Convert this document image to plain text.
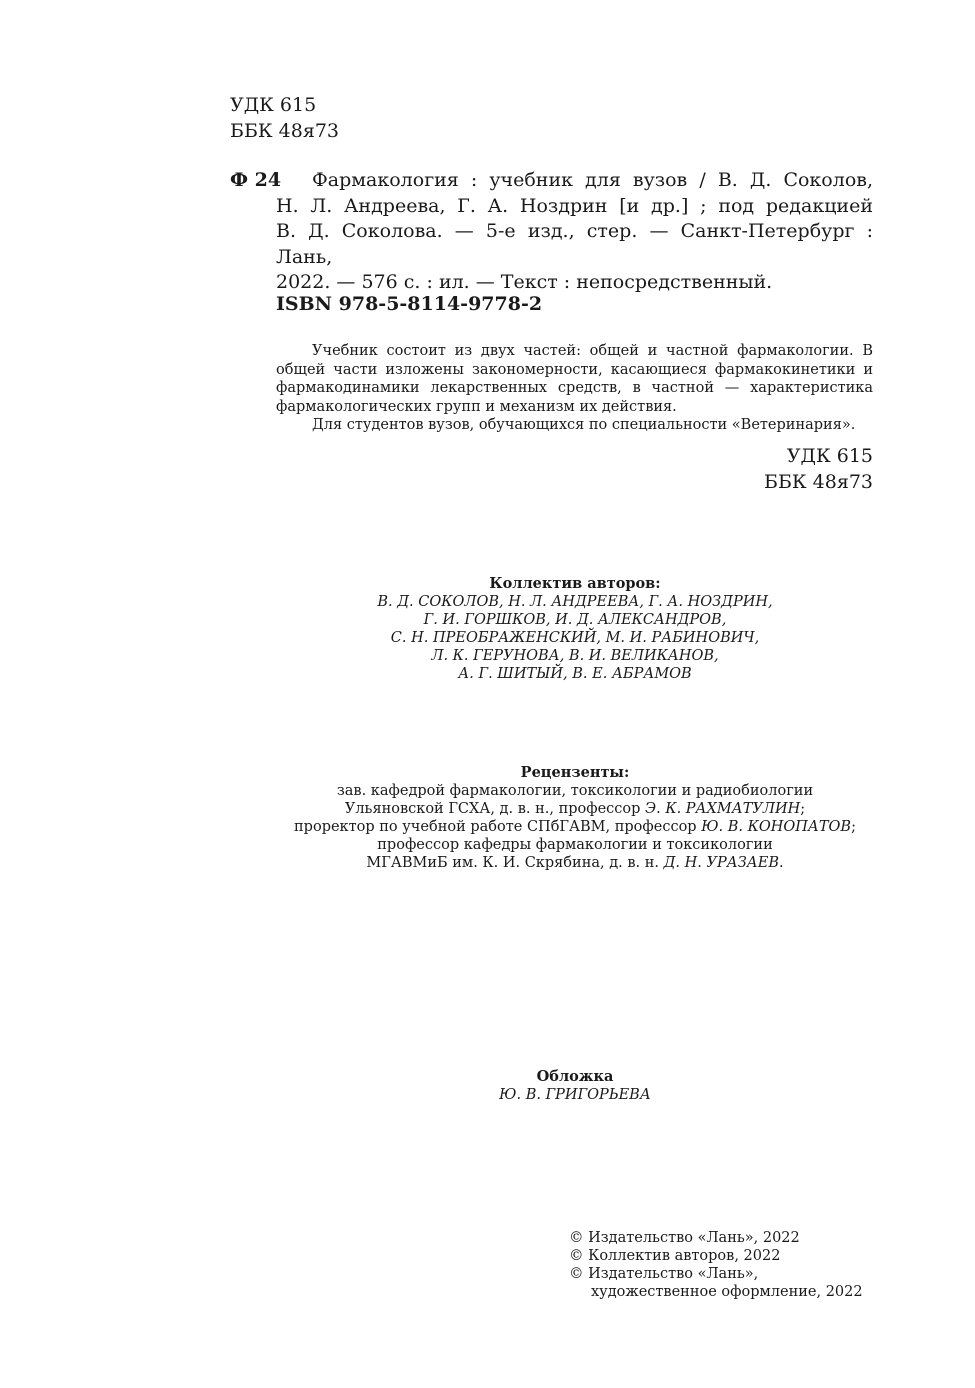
УДК 615
ББК 48я73
Ф 24	Фармакология : учебник для вузов / В. Д. Соколов,
Н. Л. Андреева, Г. А. Ноздрин [и др.] ; под редакцией
В. Д. Соколова. — 5-е изд., стер. — Санкт-Петербург : Лань,
2022. — 576 с. : ил. — Текст : непосредственный.
ISBN 978-5-8114-9778-2

Учебник состоит из двух частей: общей и частной фармакологии. В общей части изложены закономерности, касающиеся фармакокинетики и фармакодинамики лекарственных средств, в частной — характеристика фармакологических групп и механизм их действия.

Для студентов вузов, обучающихся по специальности «Ветеринария».

УДК 615
ББК 48я73
Коллектив авторов:
В. Д. СОКОЛОВ, Н. Л. АНДРЕЕВА, Г. А. НОЗДРИН,
Г. И. ГОРШКОВ, И. Д. АЛЕКСАНДРОВ,
С. Н. ПРЕОБРАЖЕНСКИЙ, М. И. РАБИНОВИЧ,
Л. К. ГЕРУНОВА, В. И. ВЕЛИКАНОВ,
А. Г. ШИТЫЙ, В. Е. АБРАМОВ
Рецензенты:
зав. кафедрой фармакологии, токсикологии и радиобиологии
Ульяновской ГСХА, д. в. н., профессор Э. К. РАХМАТУЛИН;
проректор по учебной работе СПбГАВМ, профессор Ю. В. КОНОПАТОВ;
профессор кафедры фармакологии и токсикологии
МГАВМиБ им. К. И. Скрябина, д. в. н. Д. Н. УРАЗАЕВ.
Обложка
Ю. В. ГРИГОРЬЕВА
© Издательство «Лань», 2022
© Коллектив авторов, 2022
© Издательство «Лань»,
художественное оформление, 2022
